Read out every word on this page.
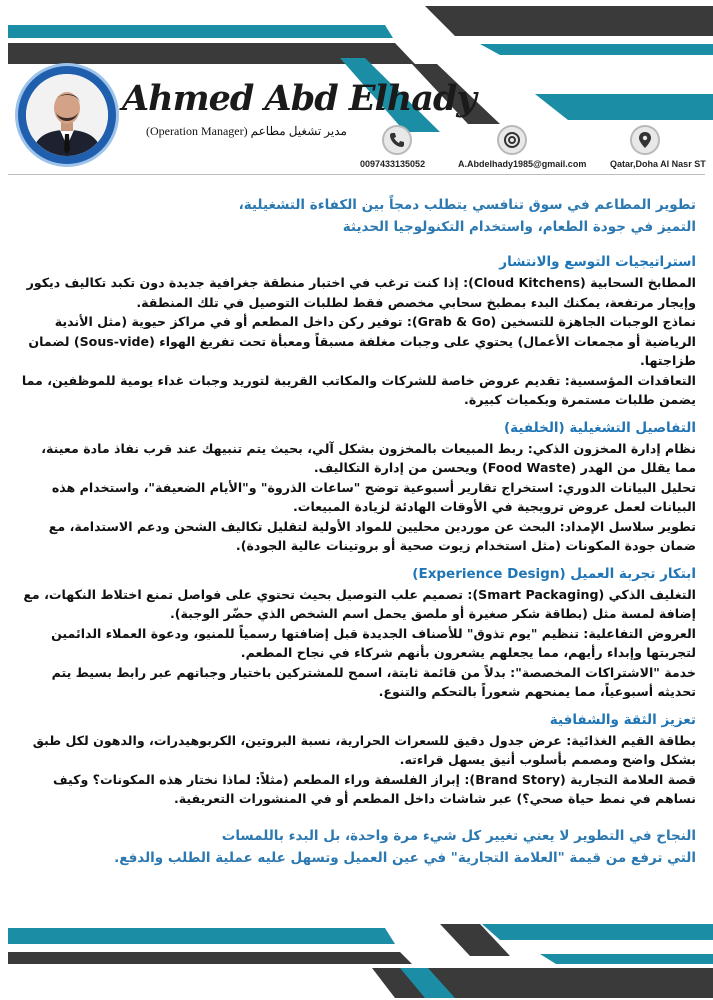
Ahmed Abd Elhady
مدير تشغيل مطاعم (Operation Manager)
0097433135052	A.Abdelhady1985@gmail.com	Qatar,Doha Al Nasr ST
تطوير المطاعم في سوق تنافسي يتطلب دمجاً بين الكفاءة التشغيلية،
التميز في جودة الطعام، واستخدام التكنولوجيا الحديثة
استراتيجيات التوسع والانتشار
المطابخ السحابية (Cloud Kitchens): إذا كنت ترغب في اختبار منطقة جغرافية جديدة دون تكبد تكاليف ديكور وإيجار مرتفعة، يمكنك البدء بمطبخ سحابي مخصص فقط لطلبات التوصيل في تلك المنطقة.
نماذج الوجبات الجاهزة للتسخين (Grab & Go): توفير ركن داخل المطعم أو في مراكز حيوية (مثل الأندية الرياضية أو مجمعات الأعمال) يحتوي على وجبات مغلفة مسبقاً ومعبأة تحت تفريغ الهواء (Sous-vide) لضمان طزاجتها.
التعاقدات المؤسسية: تقديم عروض خاصة للشركات والمكاتب القريبة لتوريد وجبات غداء يومية للموظفين، مما يضمن طلبات مستمرة وبكميات كبيرة.
التفاصيل التشغيلية (الخلفية)
نظام إدارة المخزون الذكي: ربط المبيعات بالمخزون بشكل آلي، بحيث يتم تنبيهك عند قرب نفاذ مادة معينة، مما يقلل من الهدر (Food Waste) ويحسن من إدارة التكاليف.
تحليل البيانات الدوري: استخراج تقارير أسبوعية توضح "ساعات الذروة" و"الأيام الضعيفة"، واستخدام هذه البيانات لعمل عروض ترويجية في الأوقات الهادئة لزيادة المبيعات.
تطوير سلاسل الإمداد: البحث عن موردين محليين للمواد الأولية لتقليل تكاليف الشحن ودعم الاستدامة، مع ضمان جودة المكونات (مثل استخدام زيوت صحية أو بروتينات عالية الجودة).
ابتكار تجربة العميل (Experience Design)
التغليف الذكي (Smart Packaging): تصميم علب التوصيل بحيث تحتوي على فواصل تمنع اختلاط النكهات، مع إضافة لمسة مثل (بطاقة شكر صغيرة أو ملصق يحمل اسم الشخص الذي حضّر الوجبة).
العروض التفاعلية: تنظيم "يوم تذوق" للأصناف الجديدة قبل إضافتها رسمياً للمنيو، ودعوة العملاء الدائمين لتجربتها وإبداء رأيهم، مما يجعلهم يشعرون بأنهم شركاء في نجاح المطعم.
خدمة "الاشتراكات المخصصة": بدلاً من قائمة ثابتة، اسمح للمشتركين باختيار وجباتهم عبر رابط بسيط يتم تحديثه أسبوعياً، مما يمنحهم شعوراً بالتحكم والتنوع.
تعزيز الثقة والشفافية
بطاقة القيم الغذائية: عرض جدول دقيق للسعرات الحرارية، نسبة البروتين، الكربوهيدرات، والدهون لكل طبق بشكل واضح ومصمم بأسلوب أنيق يسهل قراءته.
قصة العلامة التجارية (Brand Story): إبراز الفلسفة وراء المطعم (مثلاً: لماذا نختار هذه المكونات؟ وكيف نساهم في نمط حياة صحي؟) عبر شاشات داخل المطعم أو في المنشورات التعريفية.
النجاح في التطوير لا يعني تغيير كل شيء مرة واحدة، بل البدء باللمسات
التي ترفع من قيمة "العلامة التجارية" في عين العميل وتسهل عليه عملية الطلب والدفع.
